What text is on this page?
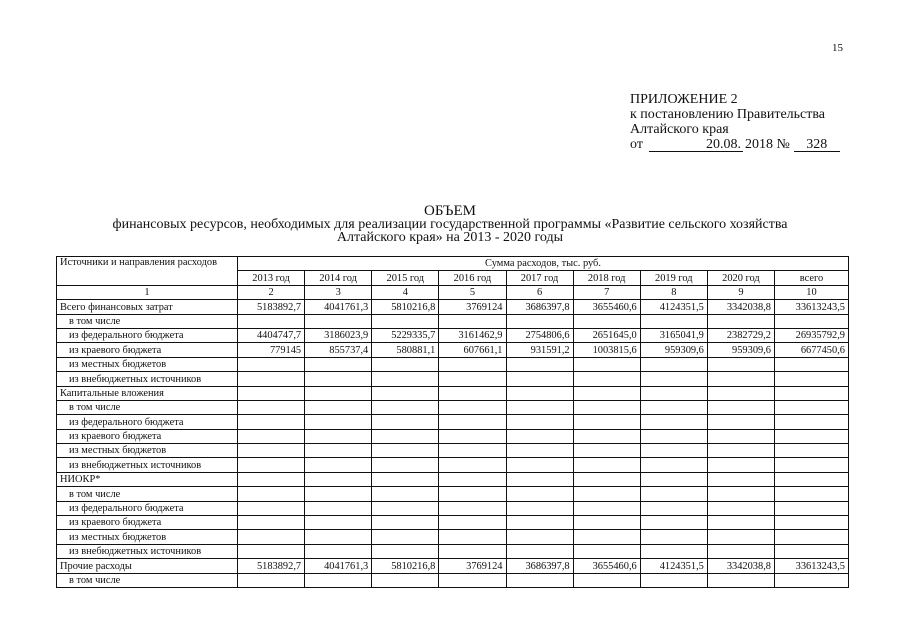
15
ПРИЛОЖЕНИЕ 2
к постановлению Правительства
Алтайского края
от	20.08. 2018 № 328
ОБЪЕМ
финансовых ресурсов, необходимых для реализации государственной программы «Развитие сельского хозяйства
Алтайского края» на 2013 - 2020 годы
Источники и направления расходов	Сумма расходов, тыс. руб.								
	2013 год	2014 год	2015 год	2016 год	2017 год	2018 год	2019 год	2020 год	всего
1	2	3	4	5	6	7	8	9	10
Всего финансовых затрат	5183892,7	4041761,3	5810216,8	3769124	3686397,8	3655460,6	4124351,5	3342038,8	33613243,5
в том числе									
из федерального бюджета	4404747,7	3186023,9	5229335,7	3161462,9	2754806,6	2651645,0	3165041,9	2382729,2	26935792,9
из краевого бюджета	779145	855737,4	580881,1	607661,1	931591,2	1003815,6	959309,6	959309,6	6677450,6
из местных бюджетов									
из внебюджетных источников									
Капитальные вложения									
в том числе									
из федерального бюджета									
из краевого бюджета									
из местных бюджетов									
из внебюджетных источников									
НИОКР*									
в том числе									
из федерального бюджета									
из краевого бюджета									
из местных бюджетов									
из внебюджетных источников									
Прочие расходы	5183892,7	4041761,3	5810216,8	3769124	3686397,8	3655460,6	4124351,5	3342038,8	33613243,5
в том числе									
